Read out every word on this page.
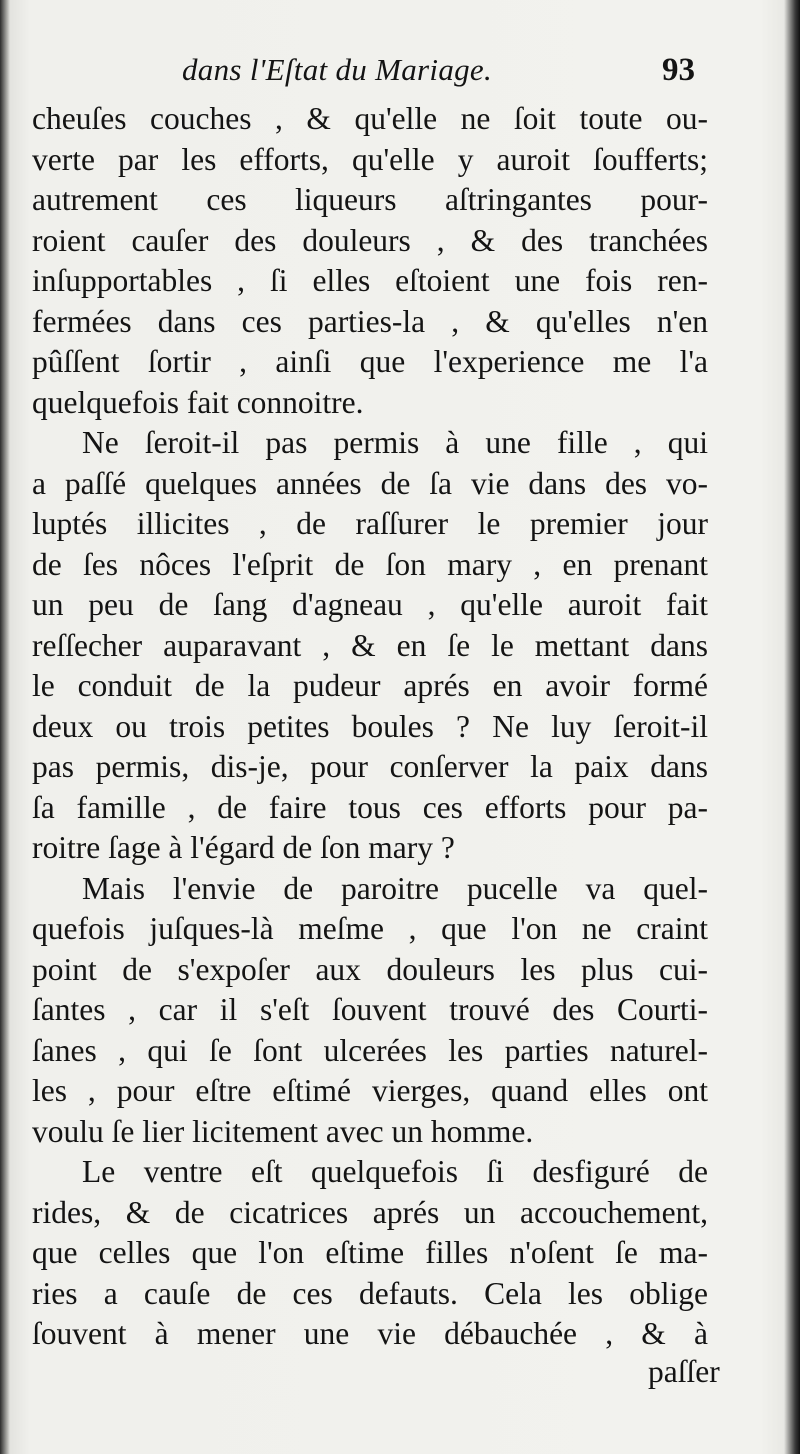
dans l'Eſtat du Mariage.	93
cheuſes couches , & qu'elle ne ſoit toute ou-
verte par les efforts, qu'elle y auroit ſoufferts;
autrement ces liqueurs aſtringantes pour-
roient cauſer des douleurs , & des tranchées
inſupportables , ſi elles eſtoient une fois ren-
fermées dans ces parties-la , & qu'elles n'en
pûſſent ſortir , ainſi que l'experience me l'a
quelquefois fait connoitre.
Ne ſeroit-il pas permis à une fille , qui
a paſſé quelques années de ſa vie dans des vo-
luptés illicites , de raſſurer le premier jour
de ſes nôces l'eſprit de ſon mary , en prenant
un peu de ſang d'agneau , qu'elle auroit fait
reſſecher auparavant , & en ſe le mettant dans
le conduit de la pudeur aprés en avoir formé
deux ou trois petites boules ? Ne luy ſeroit-il
pas permis, dis-je, pour conſerver la paix dans
ſa famille , de faire tous ces efforts pour pa-
roitre ſage à l'égard de ſon mary ?
Mais l'envie de paroitre pucelle va quel-
quefois juſques-là meſme , que l'on ne craint
point de s'expoſer aux douleurs les plus cui-
ſantes , car il s'eſt ſouvent trouvé des Courti-
ſanes , qui ſe ſont ulcerées les parties naturel-
les , pour eſtre eſtimé vierges, quand elles ont
voulu ſe lier licitement avec un homme.
Le ventre eſt quelquefois ſi desfiguré de
rides, & de cicatrices aprés un accouchement,
que celles que l'on eſtime filles n'oſent ſe ma-
ries a cauſe de ces defauts. Cela les oblige
ſouvent à mener une vie débauchée , & à
paſſer
